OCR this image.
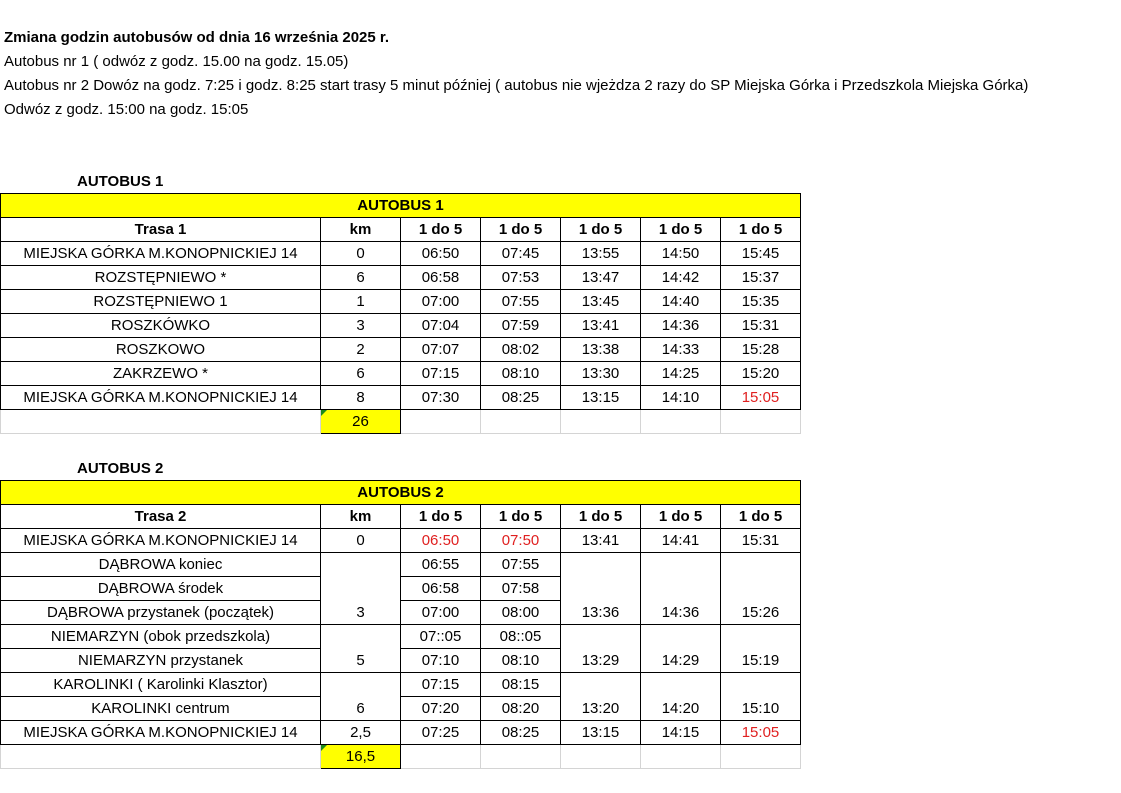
Zmiana godzin autobusów od dnia 16 września 2025 r.
Autobus nr 1 ( odwóz z godz. 15.00 na godz. 15.05)
Autobus nr 2 Dowóz na godz. 7:25 i godz. 8:25 start trasy 5 minut później ( autobus nie wjeżdza 2 razy do SP Miejska Górka i Przedszkola Miejska Górka)
Odwóz z godz. 15:00 na godz. 15:05
AUTOBUS 1
AUTOBUS 1						
Trasa 1	km	1 do 5	1 do 5	1 do 5	1 do 5	1 do 5
MIEJSKA GÓRKA M.KONOPNICKIEJ 14	0	06:50	07:45	13:55	14:50	15:45
ROZSTĘPNIEWO *	6	06:58	07:53	13:47	14:42	15:37
ROZSTĘPNIEWO 1	1	07:00	07:55	13:45	14:40	15:35
ROSZKÓWKO	3	07:04	07:59	13:41	14:36	15:31
ROSZKOWO	2	07:07	08:02	13:38	14:33	15:28
ZAKRZEWO *	6	07:15	08:10	13:30	14:25	15:20
MIEJSKA GÓRKA M.KONOPNICKIEJ 14	8	07:30	08:25	13:15	14:10	15:05
	26					
AUTOBUS 2
AUTOBUS 2						
Trasa 2	km	1 do 5	1 do 5	1 do 5	1 do 5	1 do 5
MIEJSKA GÓRKA M.KONOPNICKIEJ 14	0	06:50	07:50	13:41	14:41	15:31
DĄBROWA koniec		06:55	07:55			
DĄBROWA środek		06:58	07:58			
DĄBROWA przystanek (początek)	3	07:00	08:00	13:36	14:36	15:26
NIEMARZYN (obok przedszkola)		07::05	08::05			
NIEMARZYN przystanek	5	07:10	08:10	13:29	14:29	15:19
KAROLINKI ( Karolinki Klasztor)		07:15	08:15			
KAROLINKI centrum	6	07:20	08:20	13:20	14:20	15:10
MIEJSKA GÓRKA M.KONOPNICKIEJ 14	2,5	07:25	08:25	13:15	14:15	15:05
	16,5					
